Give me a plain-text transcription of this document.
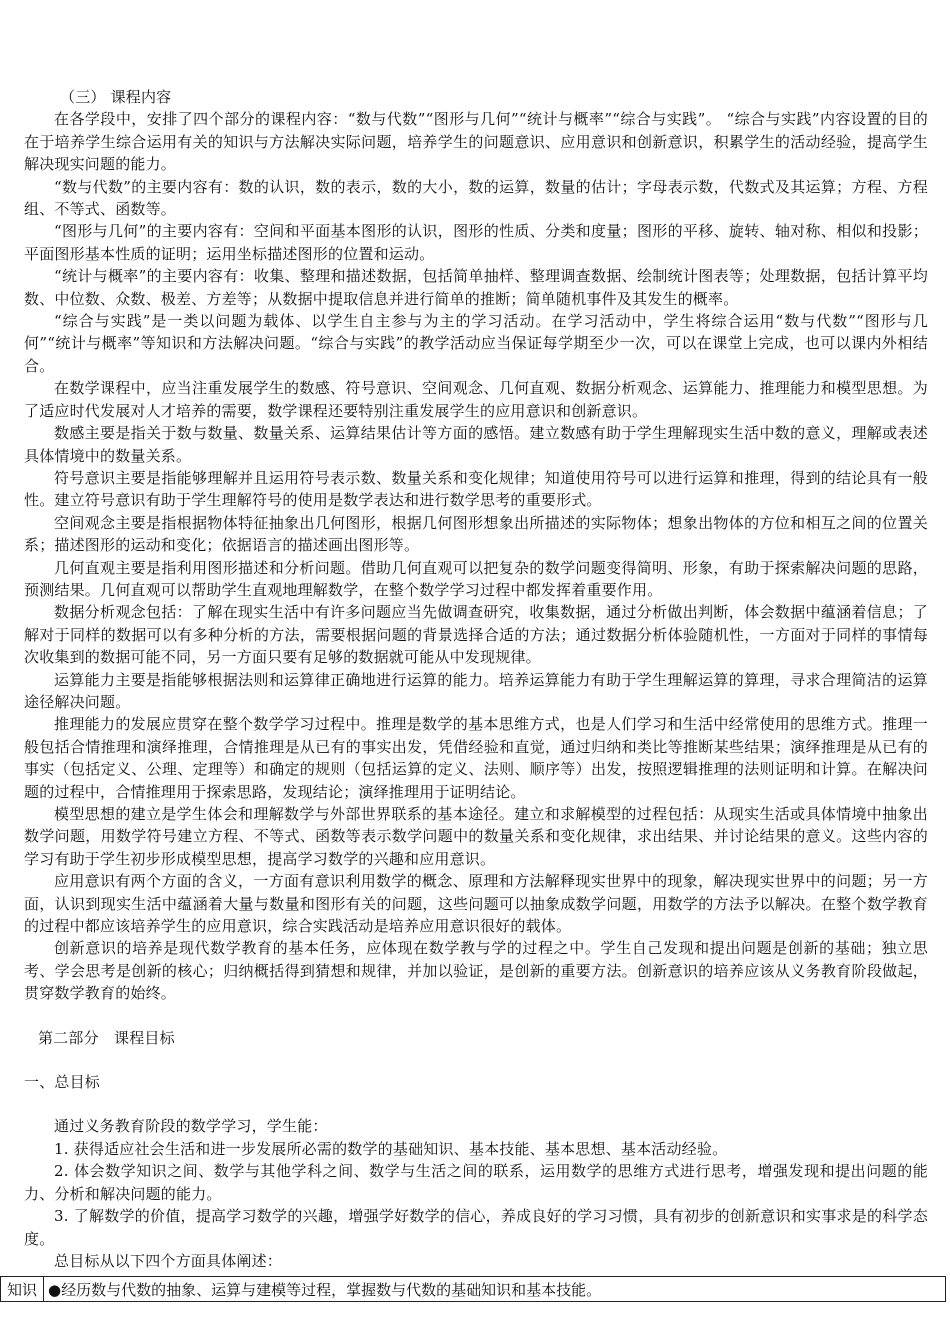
（三） 课程内容

在各学段中，安排了四个部分的课程内容：“数与代数”“图形与几何”“统计与概率”“综合与实践”。 “综合与实践”内容设置的目的在于培养学生综合运用有关的知识与方法解决实际问题，培养学生的问题意识、应用意识和创新意识，积累学生的活动经验，提高学生解决现实问题的能力。

“数与代数”的主要内容有：数的认识，数的表示，数的大小，数的运算，数量的估计；字母表示数，代数式及其运算；方程、方程组、不等式、函数等。

“图形与几何”的主要内容有：空间和平面基本图形的认识，图形的性质、分类和度量；图形的平移、旋转、轴对称、相似和投影；平面图形基本性质的证明；运用坐标描述图形的位置和运动。

“统计与概率”的主要内容有：收集、整理和描述数据，包括简单抽样、整理调查数据、绘制统计图表等；处理数据，包括计算平均数、中位数、众数、极差、方差等；从数据中提取信息并进行简单的推断；简单随机事件及其发生的概率。

“综合与实践”是一类以问题为载体、以学生自主参与为主的学习活动。在学习活动中，学生将综合运用“数与代数”“图形与几何”“统计与概率”等知识和方法解决问题。“综合与实践”的教学活动应当保证每学期至少一次，可以在课堂上完成，也可以课内外相结合。

在数学课程中，应当注重发展学生的数感、符号意识、空间观念、几何直观、数据分析观念、运算能力、推理能力和模型思想。为了适应时代发展对人才培养的需要，数学课程还要特别注重发展学生的应用意识和创新意识。

数感主要是指关于数与数量、数量关系、运算结果估计等方面的感悟。建立数感有助于学生理解现实生活中数的意义，理解或表述具体情境中的数量关系。

符号意识主要是指能够理解并且运用符号表示数、数量关系和变化规律；知道使用符号可以进行运算和推理，得到的结论具有一般性。建立符号意识有助于学生理解符号的使用是数学表达和进行数学思考的重要形式。

空间观念主要是指根据物体特征抽象出几何图形，根据几何图形想象出所描述的实际物体；想象出物体的方位和相互之间的位置关系；描述图形的运动和变化；依据语言的描述画出图形等。

几何直观主要是指利用图形描述和分析问题。借助几何直观可以把复杂的数学问题变得简明、形象，有助于探索解决问题的思路，预测结果。几何直观可以帮助学生直观地理解数学，在整个数学学习过程中都发挥着重要作用。

数据分析观念包括：了解在现实生活中有许多问题应当先做调查研究，收集数据，通过分析做出判断，体会数据中蕴涵着信息；了解对于同样的数据可以有多种分析的方法，需要根据问题的背景选择合适的方法；通过数据分析体验随机性，一方面对于同样的事情每次收集到的数据可能不同，另一方面只要有足够的数据就可能从中发现规律。

运算能力主要是指能够根据法则和运算律正确地进行运算的能力。培养运算能力有助于学生理解运算的算理，寻求合理简洁的运算途径解决问题。

推理能力的发展应贯穿在整个数学学习过程中。推理是数学的基本思维方式，也是人们学习和生活中经常使用的思维方式。推理一般包括合情推理和演绎推理，合情推理是从已有的事实出发，凭借经验和直觉，通过归纳和类比等推断某些结果；演绎推理是从已有的事实（包括定义、公理、定理等）和确定的规则（包括运算的定义、法则、顺序等）出发，按照逻辑推理的法则证明和计算。在解决问题的过程中，合情推理用于探索思路，发现结论；演绎推理用于证明结论。

模型思想的建立是学生体会和理解数学与外部世界联系的基本途径。建立和求解模型的过程包括：从现实生活或具体情境中抽象出数学问题，用数学符号建立方程、不等式、函数等表示数学问题中的数量关系和变化规律，求出结果、并讨论结果的意义。这些内容的学习有助于学生初步形成模型思想，提高学习数学的兴趣和应用意识。

应用意识有两个方面的含义，一方面有意识利用数学的概念、原理和方法解释现实世界中的现象，解决现实世界中的问题；另一方面，认识到现实生活中蕴涵着大量与数量和图形有关的问题，这些问题可以抽象成数学问题，用数学的方法予以解决。在整个数学教育的过程中都应该培养学生的应用意识，综合实践活动是培养应用意识很好的载体。

创新意识的培养是现代数学教育的基本任务，应体现在数学教与学的过程之中。学生自己发现和提出问题是创新的基础；独立思考、学会思考是创新的核心；归纳概括得到猜想和规律，并加以验证，是创新的重要方法。创新意识的培养应该从义务教育阶段做起，贯穿数学教育的始终。

第二部分　课程目标

一、总目标

通过义务教育阶段的数学学习，学生能：

1. 获得适应社会生活和进一步发展所必需的数学的基础知识、基本技能、基本思想、基本活动经验。

2. 体会数学知识之间、数学与其他学科之间、数学与生活之间的联系，运用数学的思维方式进行思考，增强发现和提出问题的能力、分析和解决问题的能力。

3. 了解数学的价值，提高学习数学的兴趣，增强学好数学的信心，养成良好的学习习惯，具有初步的创新意识和实事求是的科学态度。

总目标从以下四个方面具体阐述：

知识	●经历数与代数的抽象、运算与建模等过程，掌握数与代数的基础知识和基本技能。
